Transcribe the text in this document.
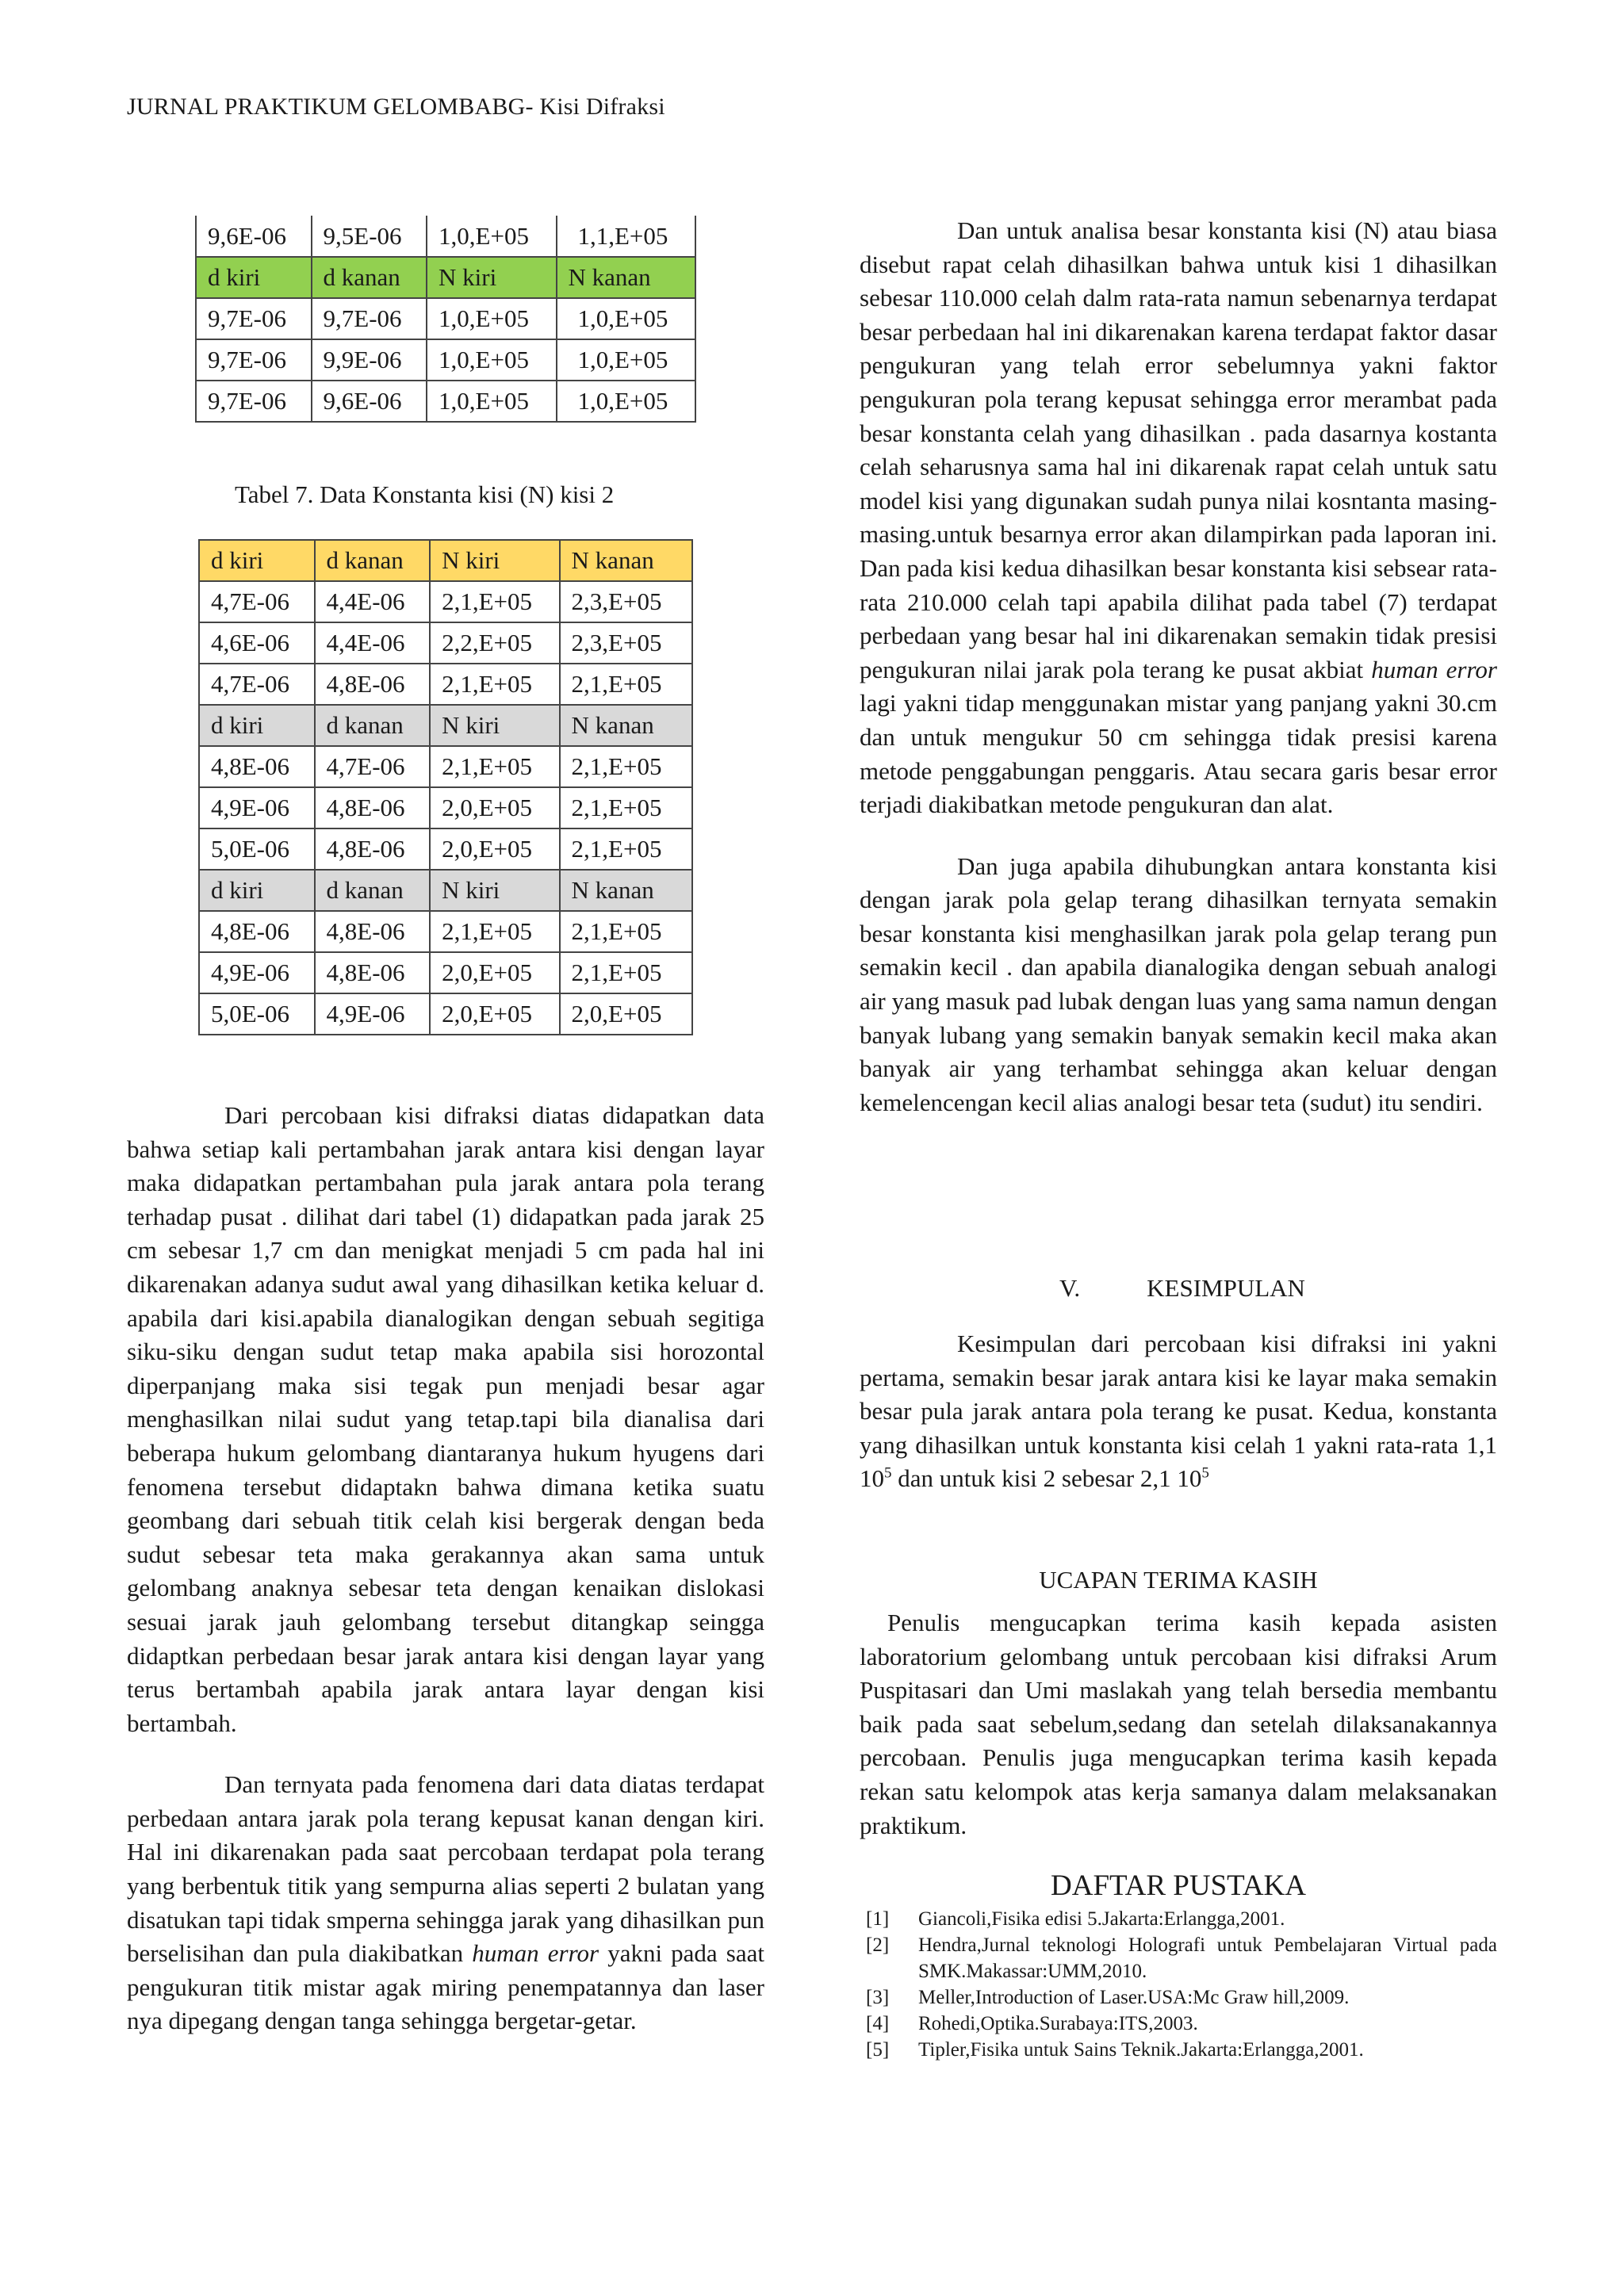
JURNAL PRAKTIKUM GELOMBABG- Kisi Difraksi
9,6E-06	9,5E-06	1,0,E+05	1,1,E+05
d kiri	d kanan	N kiri	N kanan
9,7E-06	9,7E-06	1,0,E+05	1,0,E+05
9,7E-06	9,9E-06	1,0,E+05	1,0,E+05
9,7E-06	9,6E-06	1,0,E+05	1,0,E+05
Tabel 7. Data Konstanta kisi (N) kisi 2
d kiri	d kanan	N kiri	N kanan
4,7E-06	4,4E-06	2,1,E+05	2,3,E+05
4,6E-06	4,4E-06	2,2,E+05	2,3,E+05
4,7E-06	4,8E-06	2,1,E+05	2,1,E+05
d kiri	d kanan	N kiri	N kanan
4,8E-06	4,7E-06	2,1,E+05	2,1,E+05
4,9E-06	4,8E-06	2,0,E+05	2,1,E+05
5,0E-06	4,8E-06	2,0,E+05	2,1,E+05
d kiri	d kanan	N kiri	N kanan
4,8E-06	4,8E-06	2,1,E+05	2,1,E+05
4,9E-06	4,8E-06	2,0,E+05	2,1,E+05
5,0E-06	4,9E-06	2,0,E+05	2,0,E+05

Dari percobaan kisi difraksi diatas didapatkan data bahwa setiap kali pertambahan jarak antara kisi dengan layar maka didapatkan pertambahan pula jarak antara pola terang terhadap pusat . dilihat dari tabel (1) didapatkan pada jarak 25 cm sebesar 1,7 cm dan menigkat menjadi 5 cm pada hal ini dikarenakan adanya sudut awal yang dihasilkan ketika keluar d. apabila dari kisi.apabila dianalogikan dengan sebuah segitiga siku-siku dengan sudut tetap maka apabila sisi horozontal diperpanjang maka sisi tegak pun menjadi besar agar menghasilkan nilai sudut yang tetap.tapi bila dianalisa dari beberapa hukum gelombang diantaranya hukum hyugens dari fenomena tersebut didaptakn bahwa dimana ketika suatu geombang dari sebuah titik celah kisi bergerak dengan beda sudut sebesar teta maka gerakannya akan sama untuk gelombang anaknya sebesar teta dengan kenaikan dislokasi sesuai jarak jauh gelombang tersebut ditangkap seingga didaptkan perbedaan besar jarak antara kisi dengan layar yang terus bertambah apabila jarak antara layar dengan kisi bertambah.

Dan ternyata pada fenomena dari data diatas terdapat perbedaan antara jarak pola terang kepusat kanan dengan kiri. Hal ini dikarenakan pada saat percobaan terdapat pola terang yang berbentuk titik yang sempurna alias seperti 2 bulatan yang disatukan tapi tidak smperna sehingga jarak yang dihasilkan pun berselisihan dan pula diakibatkan human error yakni pada saat pengukuran titik mistar agak miring penempatannya dan laser nya dipegang dengan tanga sehingga bergetar-getar.

Dan untuk analisa besar konstanta kisi (N) atau biasa disebut rapat celah dihasilkan bahwa untuk kisi 1 dihasilkan sebesar 110.000 celah dalm rata-rata namun sebenarnya terdapat besar perbedaan hal ini dikarenakan karena terdapat faktor dasar pengukuran yang telah error sebelumnya yakni faktor pengukuran pola terang kepusat sehingga error merambat pada besar konstanta celah yang dihasilkan . pada dasarnya kostanta celah seharusnya sama hal ini dikarenak rapat celah untuk satu model kisi yang digunakan sudah punya nilai kosntanta masing-masing.untuk besarnya error akan dilampirkan pada laporan ini. Dan pada kisi kedua dihasilkan besar konstanta kisi sebsear rata-rata 210.000 celah tapi apabila dilihat pada tabel (7) terdapat perbedaan yang besar hal ini dikarenakan semakin tidak presisi pengukuran nilai jarak pola terang ke pusat akbiat human error lagi yakni tidap menggunakan mistar yang panjang yakni 30.cm dan untuk mengukur 50 cm sehingga tidak presisi karena metode penggabungan penggaris. Atau secara garis besar error terjadi diakibatkan metode pengukuran dan alat.

Dan juga apabila dihubungkan antara konstanta kisi dengan jarak pola gelap terang dihasilkan ternyata semakin besar konstanta kisi menghasilkan jarak pola gelap terang pun semakin kecil . dan apabila dianalogika dengan sebuah analogi air yang masuk pad lubak dengan luas yang sama namun dengan banyak lubang yang semakin banyak semakin kecil maka akan banyak air yang terhambat sehingga akan keluar dengan kemelencengan kecil alias analogi besar teta (sudut) itu sendiri.

V.	KESIMPULAN

Kesimpulan dari percobaan kisi difraksi ini yakni pertama, semakin besar jarak antara kisi ke layar maka semakin besar pula jarak antara pola terang ke pusat. Kedua, konstanta yang dihasilkan untuk konstanta kisi celah 1 yakni rata-rata 1,1 $10^5$ dan untuk kisi 2 sebesar 2,1 $10^5$

UCAPAN TERIMA KASIH

Penulis mengucapkan terima kasih kepada asisten laboratorium gelombang untuk percobaan kisi difraksi Arum Puspitasari dan Umi maslakah yang telah bersedia membantu baik pada saat sebelum,sedang dan setelah dilaksanakannya percobaan. Penulis juga mengucapkan terima kasih kepada rekan satu kelompok atas kerja samanya dalam melaksanakan praktikum.

DAFTAR PUSTAKA
[1]	Giancoli,Fisika edisi 5.Jakarta:Erlangga,2001.
[2]	Hendra,Jurnal teknologi Holografi untuk Pembelajaran Virtual pada SMK.Makassar:UMM,2010.
[3]	Meller,Introduction of Laser.USA:Mc Graw hill,2009.
[4]	Rohedi,Optika.Surabaya:ITS,2003.
[5]	Tipler,Fisika untuk Sains Teknik.Jakarta:Erlangga,2001.
